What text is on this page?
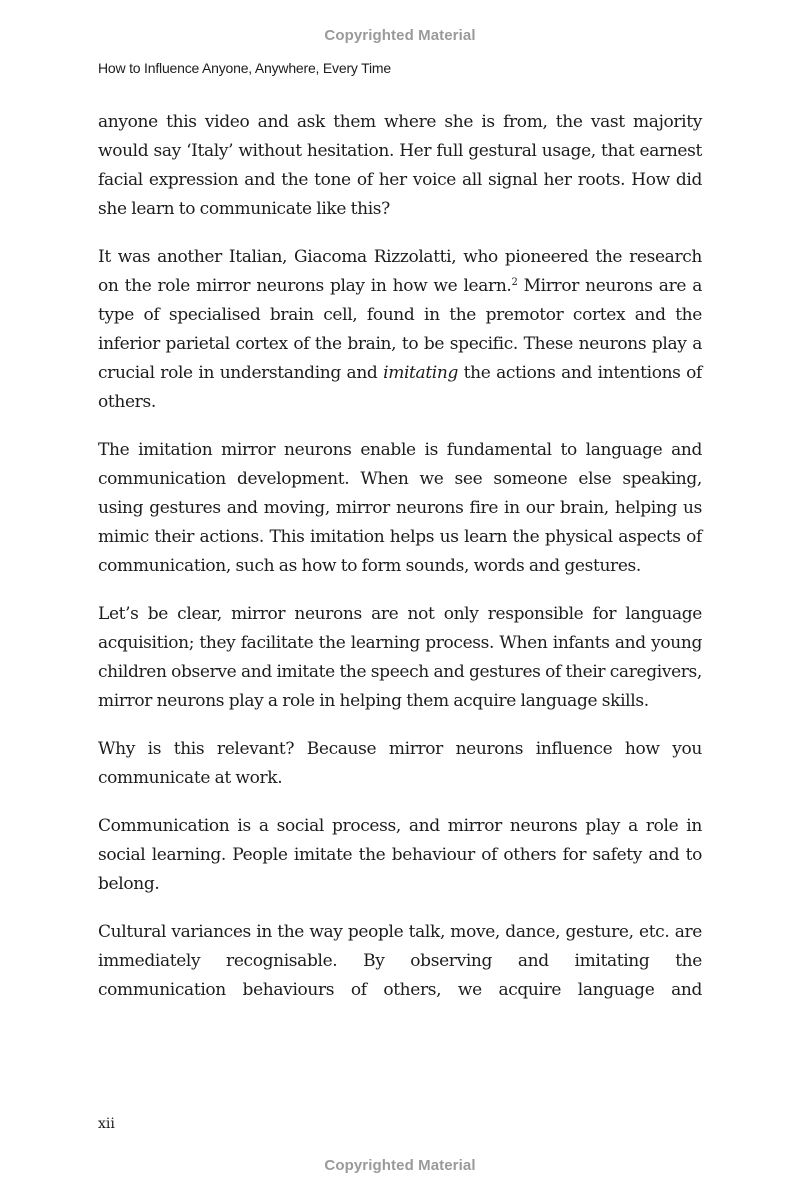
Copyrighted Material
How to Influence Anyone, Anywhere, Every Time

anyone this video and ask them where she is from, the vast majority would say ‘Italy’ without hesitation. Her full gestural usage, that earnest facial expression and the tone of her voice all signal her roots. How did she learn to communicate like this?

It was another Italian, Giacoma Rizzolatti, who pioneered the research on the role mirror neurons play in how we learn.$^2$ Mirror neurons are a type of specialised brain cell, found in the premotor cortex and the inferior parietal cortex of the brain, to be specific. These neurons play a crucial role in understanding and imitating the actions and intentions of others.

The imitation mirror neurons enable is fundamental to language and communication development. When we see someone else speaking, using gestures and moving, mirror neurons fire in our brain, helping us mimic their actions. This imitation helps us learn the physical aspects of communication, such as how to form sounds, words and gestures.

Let’s be clear, mirror neurons are not only responsible for language acquisition; they facilitate the learning process. When infants and young children observe and imitate the speech and gestures of their caregivers, mirror neurons play a role in helping them acquire language skills.

Why is this relevant? Because mirror neurons influence how you communicate at work.

Communication is a social process, and mirror neurons play a role in social learning. People imitate the behaviour of others for safety and to belong.

Cultural variances in the way people talk, move, dance, gesture, etc. are immediately recognisable. By observing and imitating the communication behaviours of others, we acquire language and

xii
Copyrighted Material
